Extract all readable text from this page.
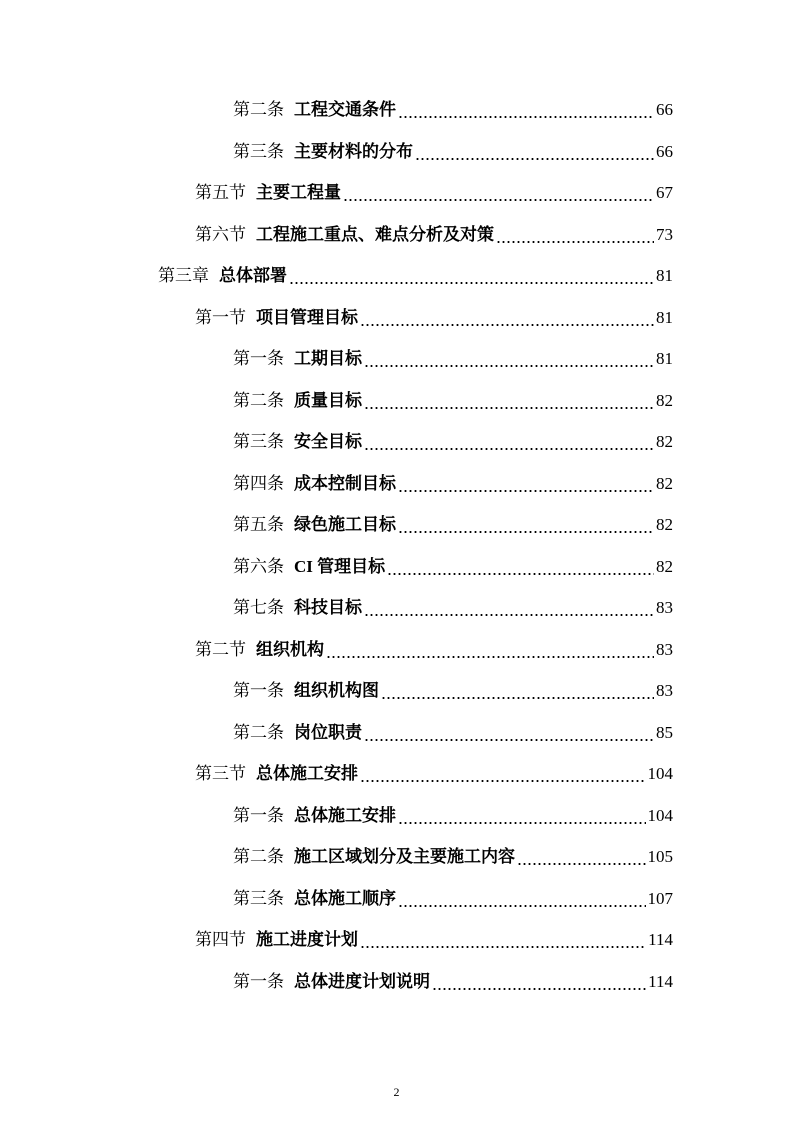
第二条 工程交通条件	66
第三条 主要材料的分布	66
第五节 主要工程量	67
第六节 工程施工重点、难点分析及对策	73
第三章 总体部署	81
第一节 项目管理目标	81
第一条 工期目标	81
第二条 质量目标	82
第三条 安全目标	82
第四条 成本控制目标	82
第五条 绿色施工目标	82
第六条 CI 管理目标	82
第七条 科技目标	83
第二节 组织机构	83
第一条 组织机构图	83
第二条 岗位职责	85
第三节 总体施工安排	104
第一条 总体施工安排	104
第二条 施工区域划分及主要施工内容	105
第三条 总体施工顺序	107
第四节 施工进度计划	114
第一条 总体进度计划说明	114
2
